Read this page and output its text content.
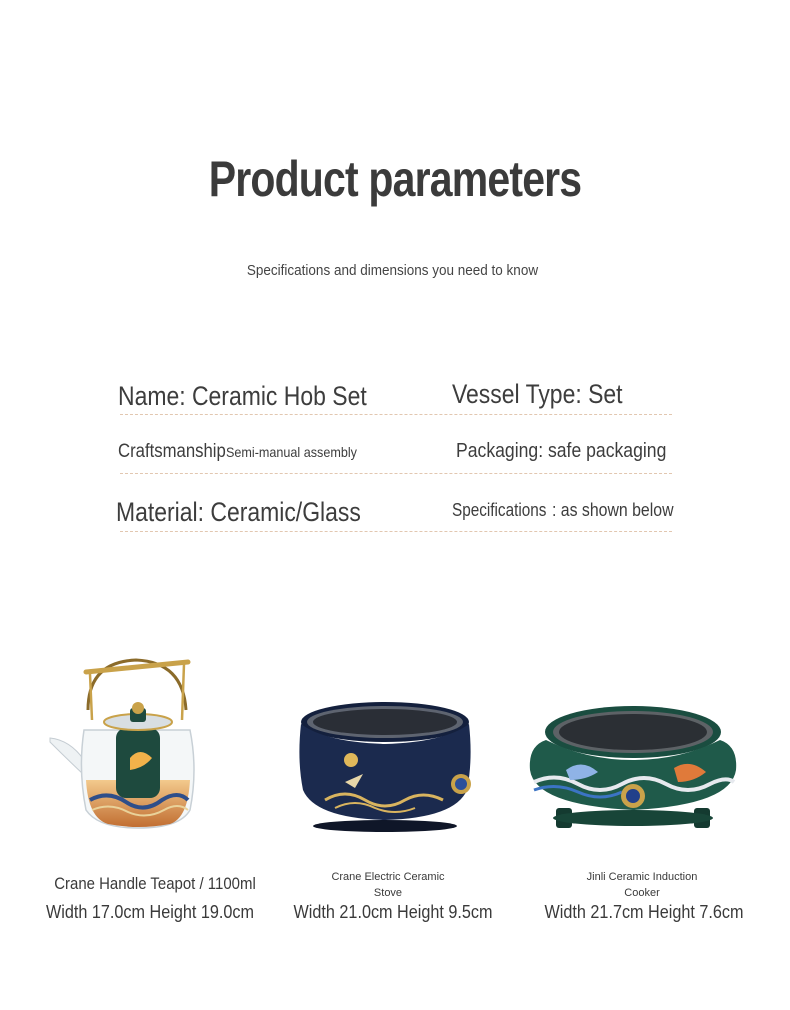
Product parameters
Specifications and dimensions you need to know
Name: Ceramic Hob Set	Vessel Type: Set
CraftsmanshipSemi-manual assembly	Packaging: safe packaging
Material: Ceramic/Glass	Specifications : as shown below
Crane Handle Teapot / 1100ml
Width 17.0cm Height 19.0cm
Crane Electric Ceramic
Stove
Width 21.0cm Height 9.5cm
Jinli Ceramic Induction
Cooker
Width 21.7cm Height 7.6cm
